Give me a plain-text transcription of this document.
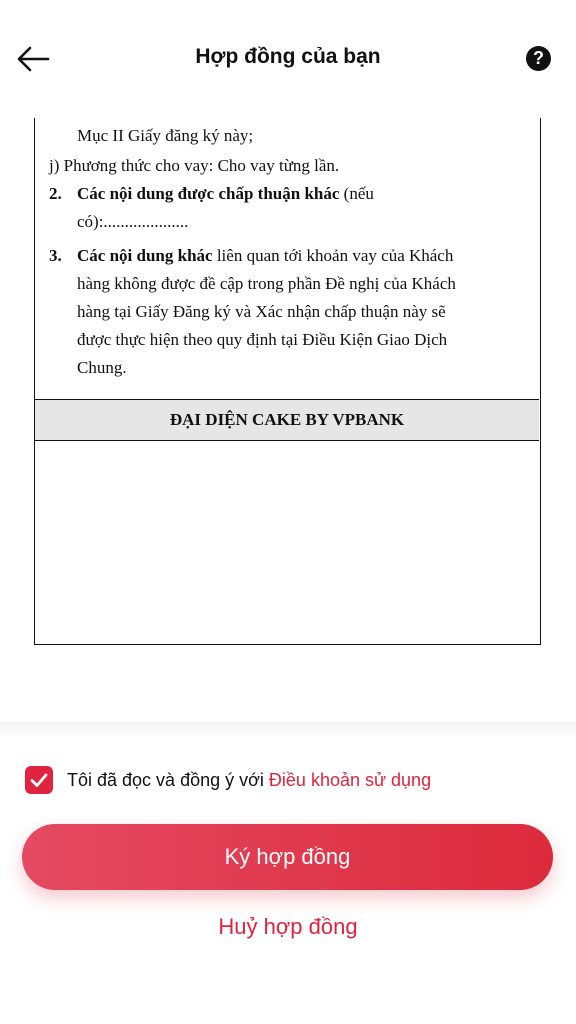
Hợp đồng của bạn	?
Mục II Giấy đăng ký này;
j) Phương thức cho vay: Cho vay từng lần.
2. Các nội dung được chấp thuận khác (nếu
có):....................
3. Các nội dung khác liên quan tới khoản vay của Khách
hàng không được đề cập trong phần Đề nghị của Khách
hàng tại Giấy Đăng ký và Xác nhận chấp thuận này sẽ
được thực hiện theo quy định tại Điều Kiện Giao Dịch
Chung.
ĐẠI DIỆN CAKE BY VPBANK
Tôi đã đọc và đồng ý với Điều khoản sử dụng
Ký hợp đồng
Huỷ hợp đồng
